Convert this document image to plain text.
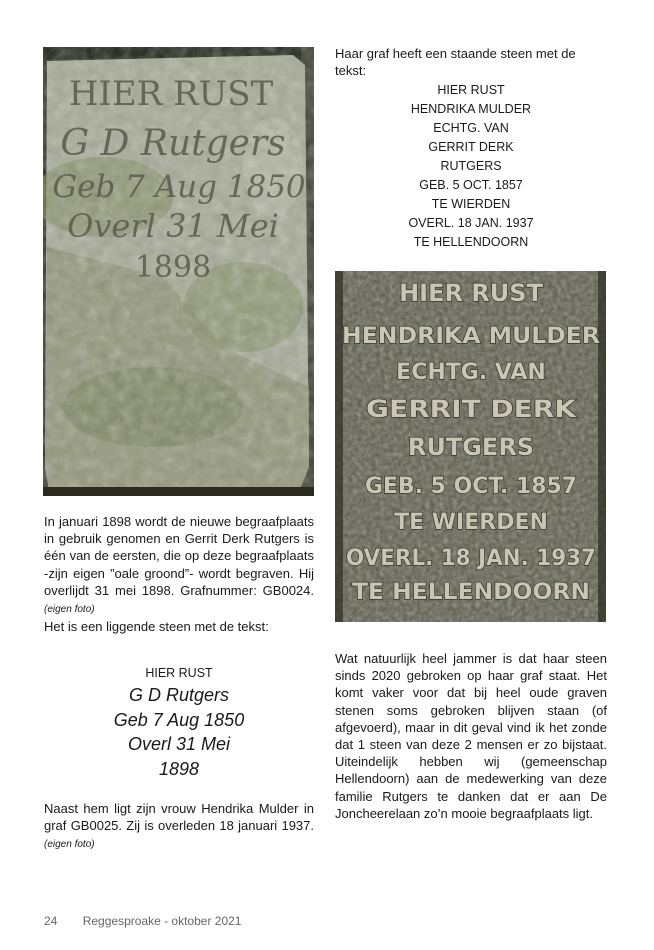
HIER RUST
G D Rutgers
Geb 7 Aug 1850
Overl 31 Mei
1898
HIER RUST
HENDRIKA MULDER
ECHTG. VAN
GERRIT DERK
RUTGERS
GEB. 5 OCT. 1857
TE WIERDEN
OVERL. 18 JAN. 1937
TE HELLENDOORN

Haar graf heeft een staande steen met de tekst:

HIER RUST
HENDRIKA MULDER
ECHTG. VAN
GERRIT DERK
RUTGERS
GEB. 5 OCT. 1857
TE WIERDEN
OVERL. 18 JAN. 1937
TE HELLENDOORN

Wat natuurlijk heel jammer is dat haar steen sinds 2020 gebroken op haar graf staat. Het komt vaker voor dat bij heel oude graven stenen soms gebroken blijven staan (of afgevoerd), maar in dit geval vind ik het zonde dat 1 steen van deze 2 mensen er zo bijstaat. Uiteindelijk hebben wij (gemeenschap Hellendoorn) aan de medewerking van deze familie Rutgers te danken dat er aan De Joncheerelaan zo’n mooie begraafplaats ligt.

In januari 1898 wordt de nieuwe begraafplaats in gebruik genomen en Gerrit Derk Rutgers is één van de eersten, die op deze begraafplaats -zijn eigen ”oale groond”- wordt begraven. Hij overlijdt 31 mei 1898. Grafnummer: GB0024. (eigen foto)

Het is een liggende steen met de tekst:

HIER RUST
G D Rutgers
Geb 7 Aug 1850
Overl 31 Mei
1898

Naast hem ligt zijn vrouw Hendrika Mulder in graf GB0025. Zij is overleden 18 januari 1937. (eigen foto)

24 Reggesproake - oktober 2021
